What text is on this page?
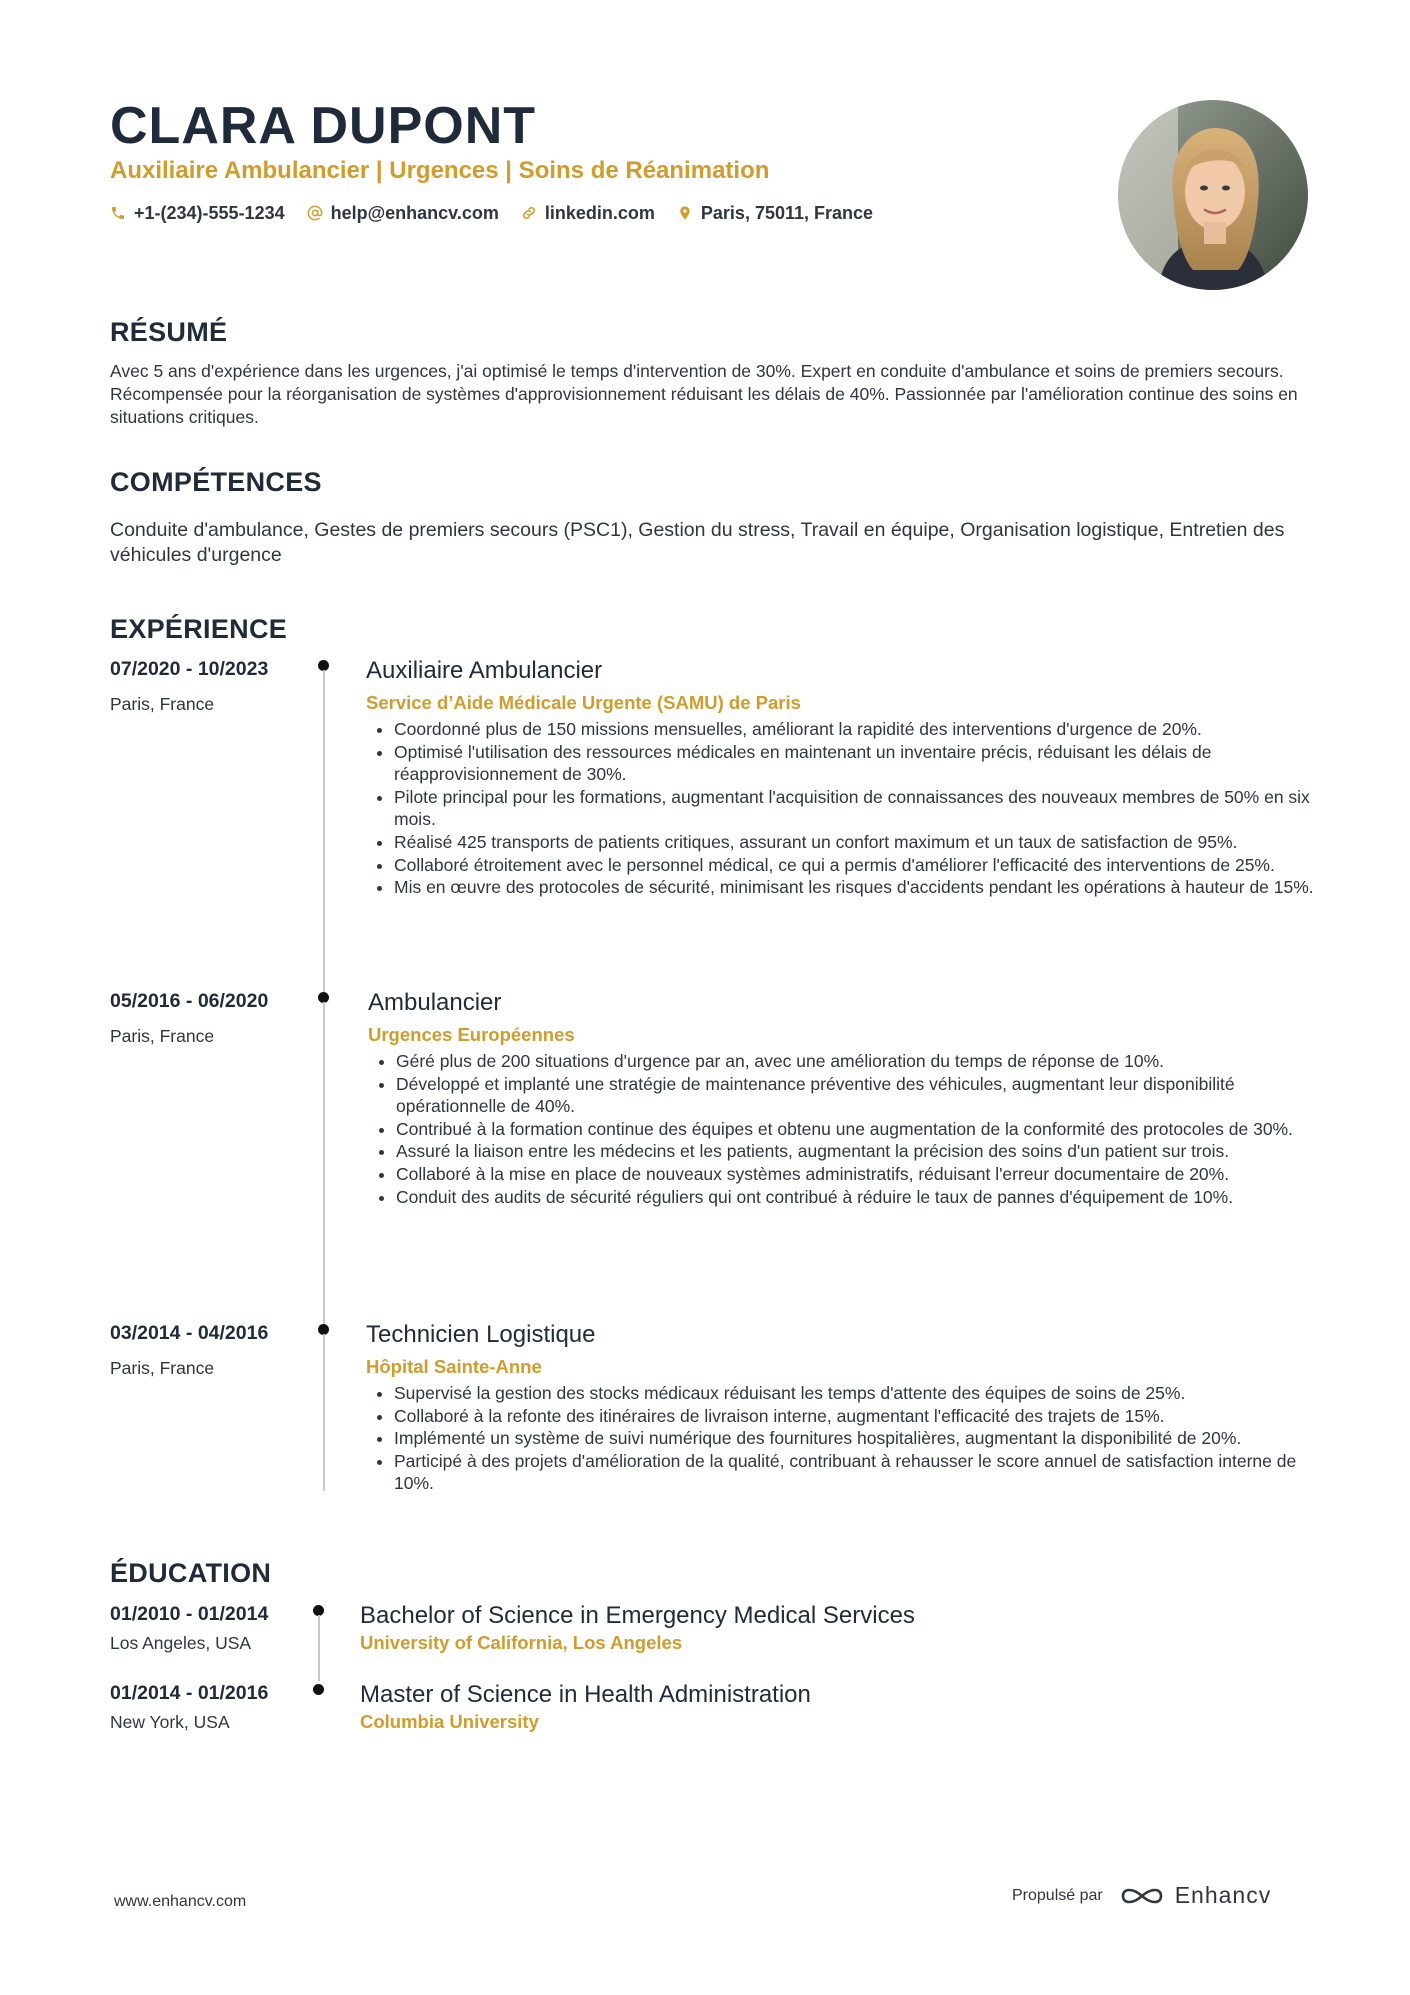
CLARA DUPONT
Auxiliaire Ambulancier | Urgences | Soins de Réanimation
+1-(234)-555-1234	help@enhancv.com	linkedin.com	Paris, 75011, France
RÉSUMÉ
Avec 5 ans d'expérience dans les urgences, j'ai optimisé le temps d'intervention de 30%. Expert en conduite d'ambulance et soins de premiers secours. Récompensée pour la réorganisation de systèmes d'approvisionnement réduisant les délais de 40%. Passionnée par l'amélioration continue des soins en situations critiques.
COMPÉTENCES
Conduite d'ambulance, Gestes de premiers secours (PSC1), Gestion du stress, Travail en équipe, Organisation logistique, Entretien des véhicules d'urgence
EXPÉRIENCE
07/2020 - 10/2023
Paris, France
Auxiliaire Ambulancier
Service d’Aide Médicale Urgente (SAMU) de Paris
• Coordonné plus de 150 missions mensuelles, améliorant la rapidité des interventions d'urgence de 20%.
• Optimisé l'utilisation des ressources médicales en maintenant un inventaire précis, réduisant les délais de réapprovisionnement de 30%.
• Pilote principal pour les formations, augmentant l'acquisition de connaissances des nouveaux membres de 50% en six mois.
• Réalisé 425 transports de patients critiques, assurant un confort maximum et un taux de satisfaction de 95%.
• Collaboré étroitement avec le personnel médical, ce qui a permis d'améliorer l'efficacité des interventions de 25%.
• Mis en œuvre des protocoles de sécurité, minimisant les risques d'accidents pendant les opérations à hauteur de 15%.
05/2016 - 06/2020
Paris, France
Ambulancier
Urgences Européennes
• Géré plus de 200 situations d'urgence par an, avec une amélioration du temps de réponse de 10%.
• Développé et implanté une stratégie de maintenance préventive des véhicules, augmentant leur disponibilité opérationnelle de 40%.
• Contribué à la formation continue des équipes et obtenu une augmentation de la conformité des protocoles de 30%.
• Assuré la liaison entre les médecins et les patients, augmentant la précision des soins d'un patient sur trois.
• Collaboré à la mise en place de nouveaux systèmes administratifs, réduisant l'erreur documentaire de 20%.
• Conduit des audits de sécurité réguliers qui ont contribué à réduire le taux de pannes d'équipement de 10%.
03/2014 - 04/2016
Paris, France
Technicien Logistique
Hôpital Sainte-Anne
• Supervisé la gestion des stocks médicaux réduisant les temps d'attente des équipes de soins de 25%.
• Collaboré à la refonte des itinéraires de livraison interne, augmentant l'efficacité des trajets de 15%.
• Implémenté un système de suivi numérique des fournitures hospitalières, augmentant la disponibilité de 20%.
• Participé à des projets d'amélioration de la qualité, contribuant à rehausser le score annuel de satisfaction interne de 10%.
ÉDUCATION
01/2010 - 01/2014
Los Angeles, USA
Bachelor of Science in Emergency Medical Services
University of California, Los Angeles
01/2014 - 01/2016
New York, USA
Master of Science in Health Administration
Columbia University
www.enhancv.com	Propulsé par	Enhancv
